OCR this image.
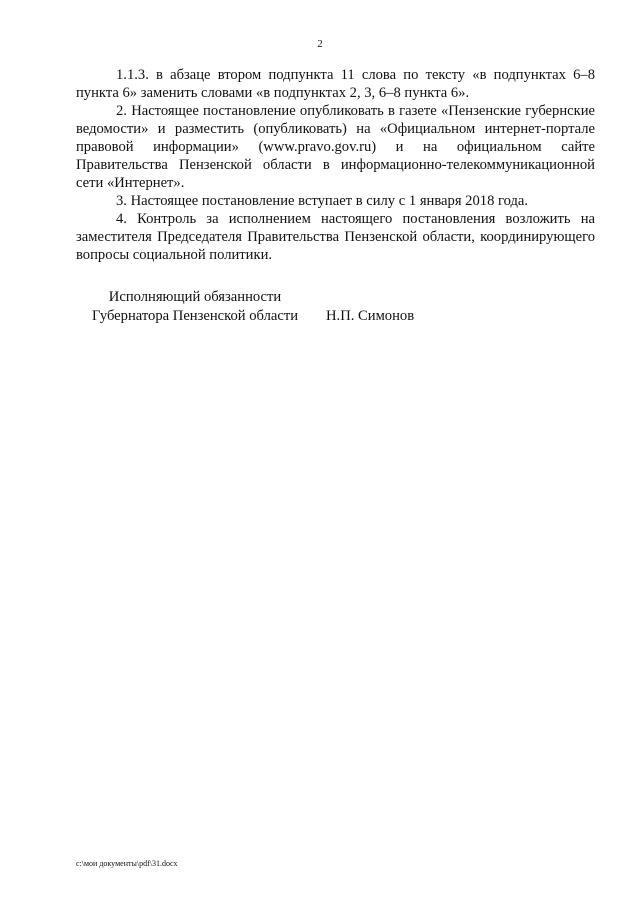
2

1.1.3. в абзаце втором подпункта 11 слова по тексту «в подпунктах 6–8 пункта 6» заменить словами «в подпунктах 2, 3, 6–8 пункта 6».

2. Настоящее постановление опубликовать в газете «Пензенские губернские ведомости» и разместить (опубликовать) на «Официальном интернет-портале правовой информации» (www.pravo.gov.ru) и на официальном сайте Правительства Пензенской области в информационно-телекоммуникационной сети «Интернет».

3. Настоящее постановление вступает в силу с 1 января 2018 года.

4. Контроль за исполнением настоящего постановления возложить на заместителя Председателя Правительства Пензенской области, координирующего вопросы социальной политики.

Исполняющий обязанности
Губернатора Пензенской области	Н.П. Симонов
c:\мои документы\pdf\31.docx
